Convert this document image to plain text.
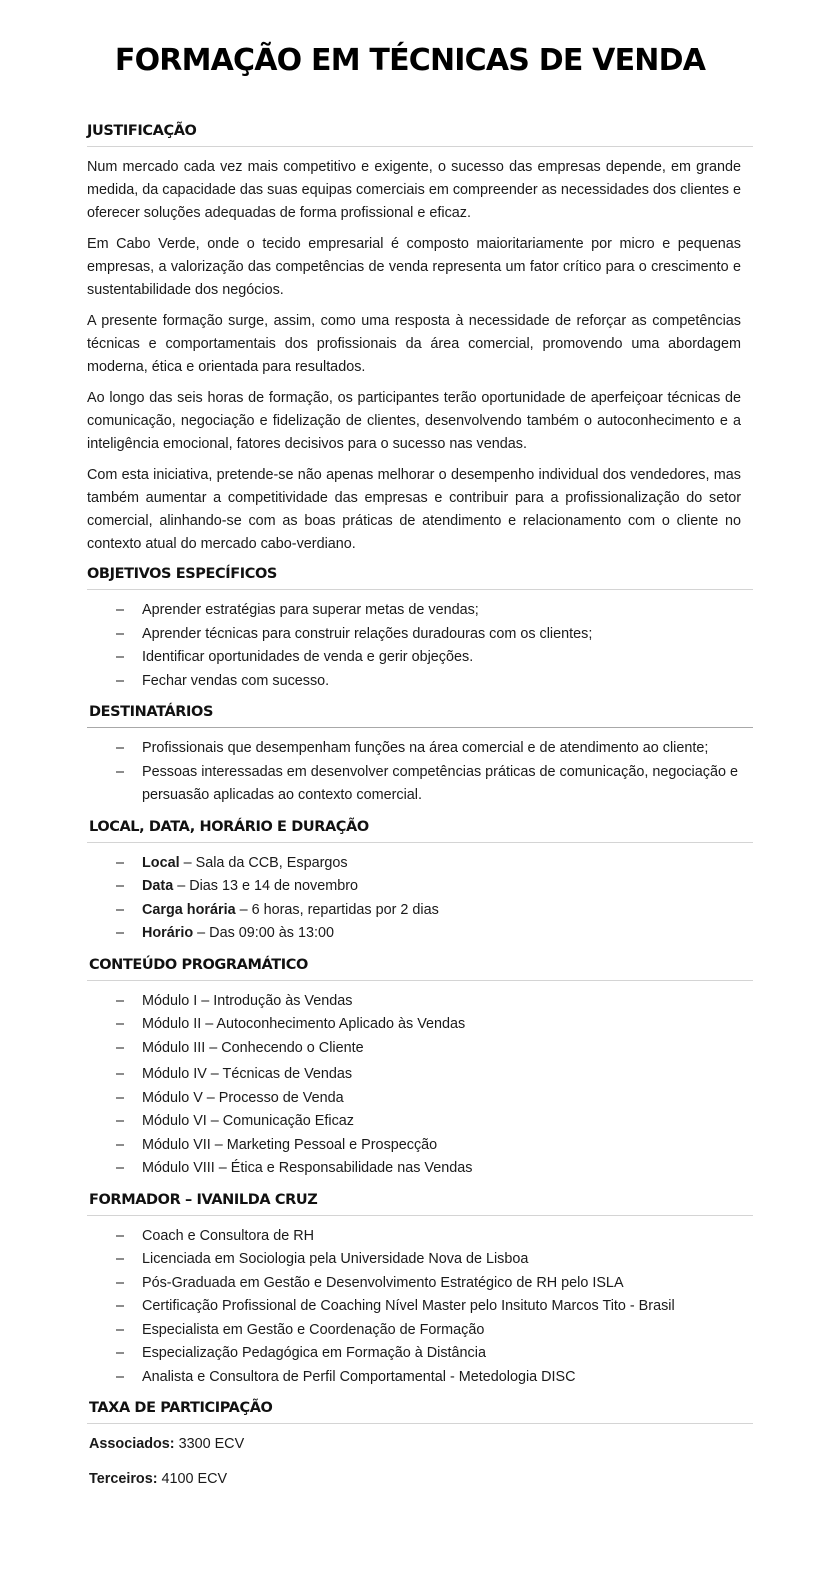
FORMAÇÃO EM TÉCNICAS DE VENDA
JUSTIFICAÇÃO

Num mercado cada vez mais competitivo e exigente, o sucesso das empresas depende, em grande medida, da capacidade das suas equipas comerciais em compreender as necessidades dos clientes e oferecer soluções adequadas de forma profissional e eficaz.

Em Cabo Verde, onde o tecido empresarial é composto maioritariamente por micro e pequenas empresas, a valorização das competências de venda representa um fator crítico para o crescimento e sustentabilidade dos negócios.

A presente formação surge, assim, como uma resposta à necessidade de reforçar as competências técnicas e comportamentais dos profissionais da área comercial, promovendo uma abordagem moderna, ética e orientada para resultados.

Ao longo das seis horas de formação, os participantes terão oportunidade de aperfeiçoar técnicas de comunicação, negociação e fidelização de clientes, desenvolvendo também o autoconhecimento e a inteligência emocional, fatores decisivos para o sucesso nas vendas.

Com esta iniciativa, pretende-se não apenas melhorar o desempenho individual dos vendedores, mas também aumentar a competitividade das empresas e contribuir para a profissionalização do setor comercial, alinhando-se com as boas práticas de atendimento e relacionamento com o cliente no contexto atual do mercado cabo-verdiano.

OBJETIVOS ESPECÍFICOS
– Aprender estratégias para superar metas de vendas;
– Aprender técnicas para construir relações duradouras com os clientes;
– Identificar oportunidades de venda e gerir objeções.
– Fechar vendas com sucesso.
DESTINATÁRIOS
– Profissionais que desempenham funções na área comercial e de atendimento ao cliente;
– Pessoas interessadas em desenvolver competências práticas de comunicação, negociação e persuasão aplicadas ao contexto comercial.
LOCAL, DATA, HORÁRIO E DURAÇÃO
– Local – Sala da CCB, Espargos
– Data – Dias 13 e 14 de novembro
– Carga horária – 6 horas, repartidas por 2 dias
– Horário – Das 09:00 às 13:00
CONTEÚDO PROGRAMÁTICO
– Módulo I – Introdução às Vendas
– Módulo II – Autoconhecimento Aplicado às Vendas
– Módulo III – Conhecendo o Cliente
– Módulo IV – Técnicas de Vendas
– Módulo V – Processo de Venda
– Módulo VI – Comunicação Eficaz
– Módulo VII – Marketing Pessoal e Prospecção
– Módulo VIII – Ética e Responsabilidade nas Vendas
FORMADOR – IVANILDA CRUZ
– Coach e Consultora de RH
– Licenciada em Sociologia pela Universidade Nova de Lisboa
– Pós-Graduada em Gestão e Desenvolvimento Estratégico de RH pelo ISLA
– Certificação Profissional de Coaching Nível Master pelo Insituto Marcos Tito - Brasil
– Especialista em Gestão e Coordenação de Formação
– Especialização Pedagógica em Formação à Distância
– Analista e Consultora de Perfil Comportamental - Metedologia DISC
TAXA DE PARTICIPAÇÃO

Associados: 3300 ECV

Terceiros: 4100 ECV
